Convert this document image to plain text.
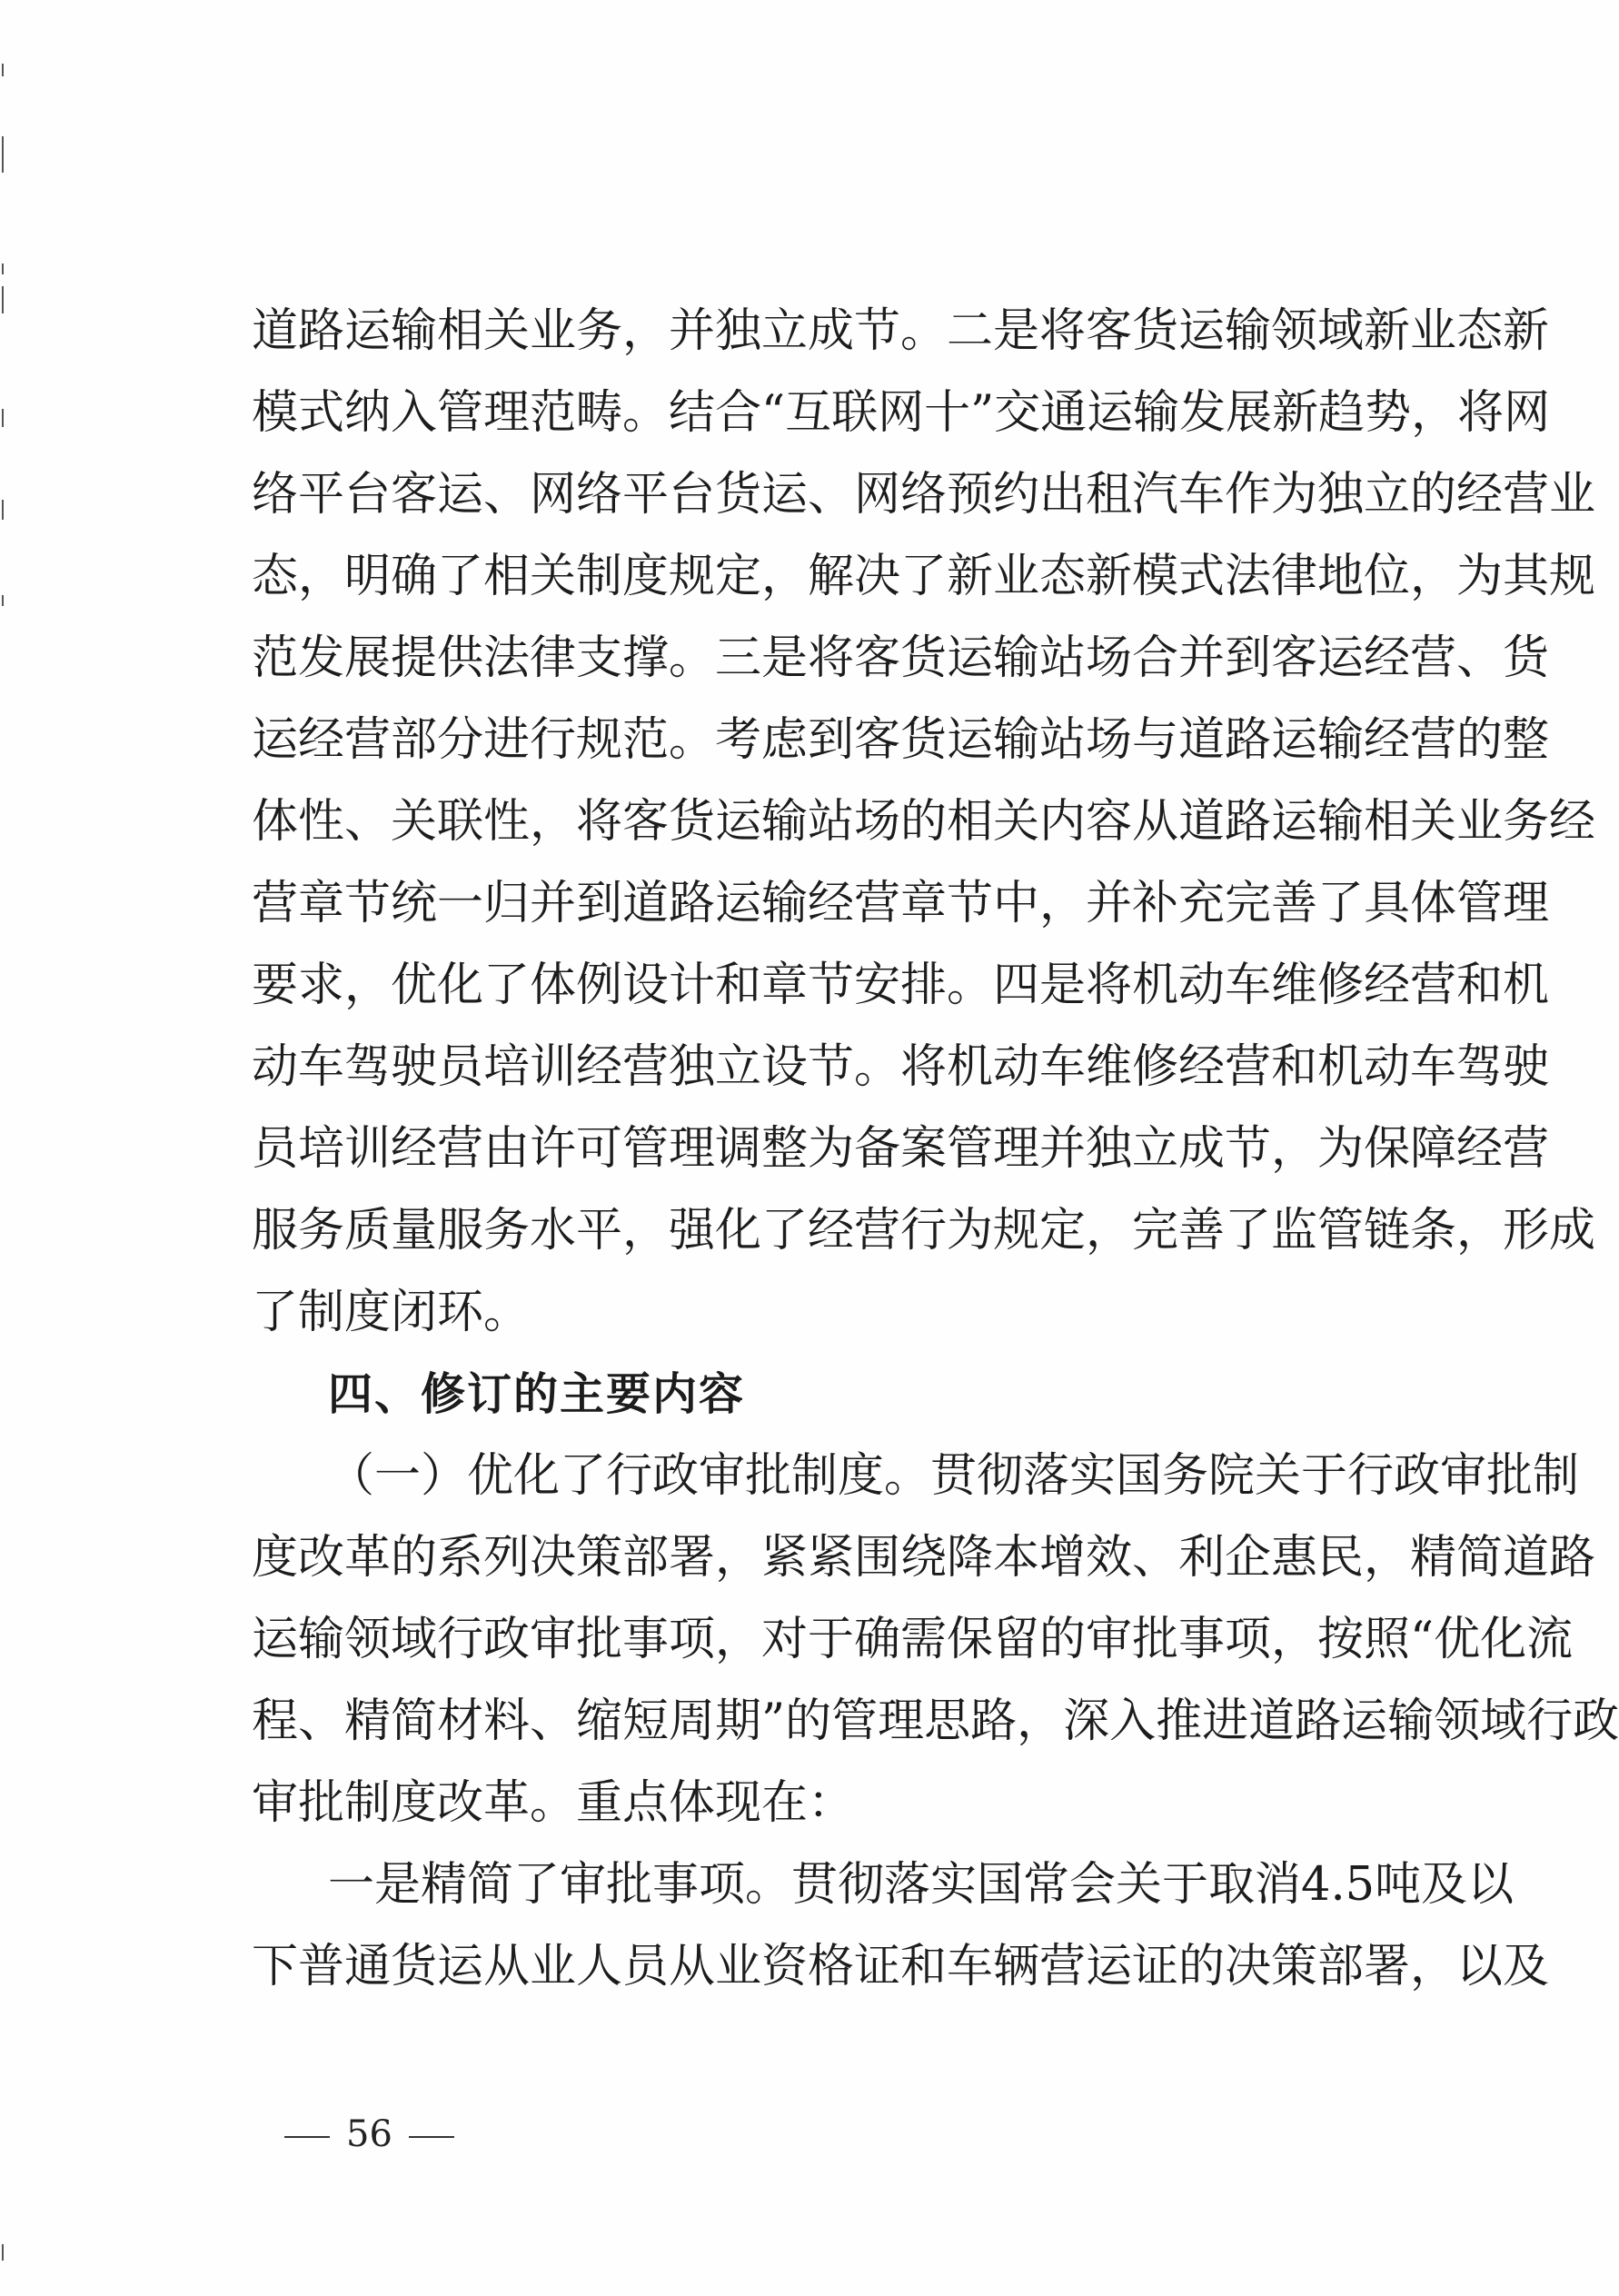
道路运输相关业务，并独立成节。二是将客货运输领域新业态新
模式纳入管理范畴。结合“互联网十”交通运输发展新趋势，将网
络平台客运、网络平台货运、网络预约出租汽车作为独立的经营业
态，明确了相关制度规定，解决了新业态新模式法律地位，为其规
范发展提供法律支撑。三是将客货运输站场合并到客运经营、货
运经营部分进行规范。考虑到客货运输站场与道路运输经营的整
体性、关联性，将客货运输站场的相关内容从道路运输相关业务经
营章节统一归并到道路运输经营章节中，并补充完善了具体管理
要求，优化了体例设计和章节安排。四是将机动车维修经营和机
动车驾驶员培训经营独立设节。将机动车维修经营和机动车驾驶
员培训经营由许可管理调整为备案管理并独立成节，为保障经营
服务质量服务水平，强化了经营行为规定，完善了监管链条，形成
了制度闭环。
四、修订的主要内容
（一）优化了行政审批制度。贯彻落实国务院关于行政审批制
度改革的系列决策部署，紧紧围绕降本增效、利企惠民，精简道路
运输领域行政审批事项，对于确需保留的审批事项，按照“优化流
程、精简材料、缩短周期”的管理思路，深入推进道路运输领域行政
审批制度改革。重点体现在：
一是精简了审批事项。贯彻落实国常会关于取消4.5吨及以
下普通货运从业人员从业资格证和车辆营运证的决策部署，以及
56
